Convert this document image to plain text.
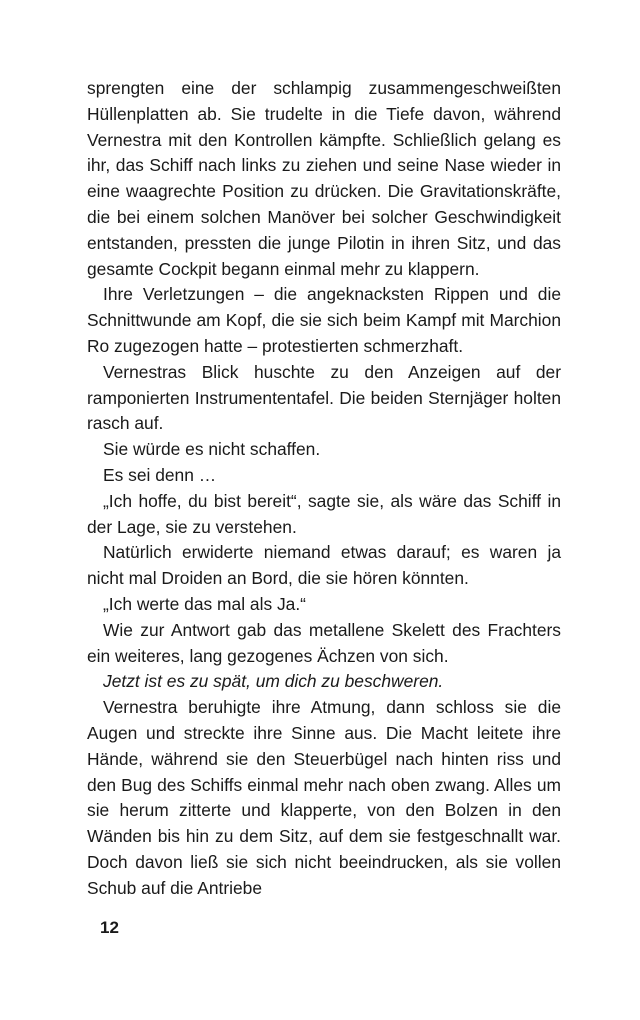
sprengten eine der schlampig zusammengeschweißten Hüllenplatten ab. Sie trudelte in die Tiefe davon, während Vernestra mit den Kontrollen kämpfte. Schließlich gelang es ihr, das Schiff nach links zu ziehen und seine Nase wieder in eine waagrechte Position zu drücken. Die Gravitationskräfte, die bei einem solchen Manöver bei solcher Geschwindigkeit entstanden, pressten die junge Pilotin in ihren Sitz, und das gesamte Cockpit begann einmal mehr zu klappern.

Ihre Verletzungen – die angeknacksten Rippen und die Schnittwunde am Kopf, die sie sich beim Kampf mit Marchion Ro zugezogen hatte – protestierten schmerzhaft.

Vernestras Blick huschte zu den Anzeigen auf der ramponierten Instrumententafel. Die beiden Sternjäger holten rasch auf.

Sie würde es nicht schaffen.

Es sei denn …

„Ich hoffe, du bist bereit“, sagte sie, als wäre das Schiff in der Lage, sie zu verstehen.

Natürlich erwiderte niemand etwas darauf; es waren ja nicht mal Droiden an Bord, die sie hören könnten.

„Ich werte das mal als Ja.“

Wie zur Antwort gab das metallene Skelett des Frachters ein weiteres, lang gezogenes Ächzen von sich.

Jetzt ist es zu spät, um dich zu beschweren.

Vernestra beruhigte ihre Atmung, dann schloss sie die Augen und streckte ihre Sinne aus. Die Macht leitete ihre Hände, während sie den Steuerbügel nach hinten riss und den Bug des Schiffs einmal mehr nach oben zwang. Alles um sie herum zitterte und klapperte, von den Bolzen in den Wänden bis hin zu dem Sitz, auf dem sie festgeschnallt war. Doch davon ließ sie sich nicht beeindrucken, als sie vollen Schub auf die Antriebe

12
